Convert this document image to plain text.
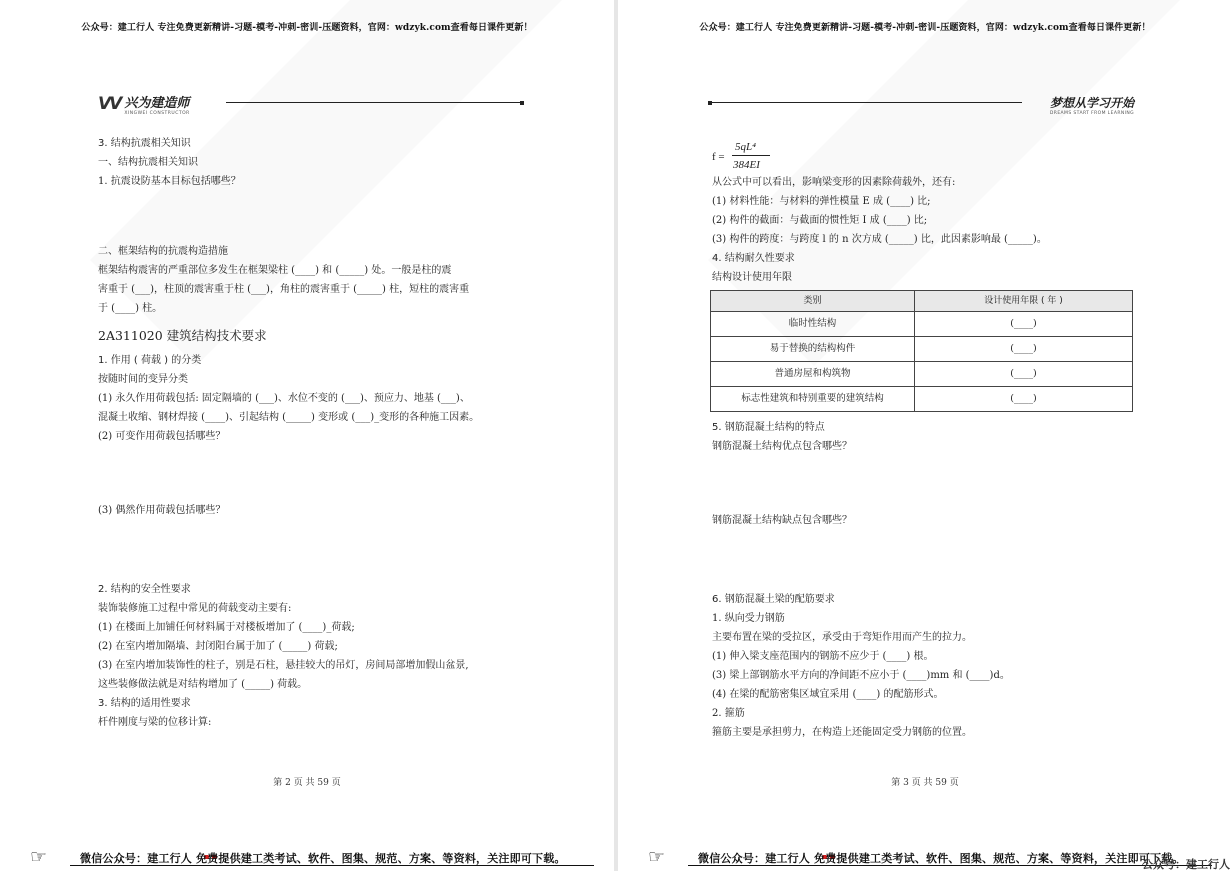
公众号：建工行人 专注免费更新精讲-习题-模考-冲刺-密训-压题资料，官网：wdzyk.com查看每日课件更新！
VV 兴为建造师
XINGWEI CONSTRUCTOR
3. 结构抗震相关知识
一、结构抗震相关知识
1. 抗震设防基本目标包括哪些？
二、框架结构的抗震构造措施
框架结构震害的严重部位多发生在框架梁柱 (____) 和 (_____) 处。一般是柱的震
害重于 (___)，柱顶的震害重于柱 (___)，角柱的震害重于 (_____) 柱，短柱的震害重
于 (____) 柱。
2A311020 建筑结构技术要求
1. 作用 ( 荷载 ) 的分类
按随时间的变异分类
(1) 永久作用荷载包括: 固定隔墙的 (___)、水位不变的 (___)、预应力、地基 (___)、
混凝土收缩、钢材焊接 (____)、引起结构 (_____) 变形或 (___)_变形的各种施工因素。
(2) 可变作用荷载包括哪些？
(3) 偶然作用荷载包括哪些？
2. 结构的安全性要求
装饰装修施工过程中常见的荷载变动主要有:
(1) 在楼面上加铺任何材料属于对楼板增加了 (____)_荷载;
(2) 在室内增加隔墙、封闭阳台属于加了 (_____) 荷载;
(3) 在室内增加装饰性的柱子，别是石柱，悬挂较大的吊灯，房间局部增加假山盆景,
这些装修做法就是对结构增加了 (_____) 荷载。
3. 结构的适用性要求
杆件刚度与梁的位移计算:
第 2 页 共 59 页
☞	微信公众号：建工行人 免费提供建工类考试、软件、图集、规范、方案、等资料，关注即可下载。
公众号：建工行人 专注免费更新精讲-习题-模考-冲刺-密训-压题资料，官网：wdzyk.com查看每日课件更新！
梦想从学习开始
DREAMS START FROM LEARNING
f =
5qL⁴
384EI
从公式中可以看出，影响梁变形的因素除荷载外，还有:
(1) 材料性能：与材料的弹性模量 E 成 (____) 比;
(2) 构件的截面：与截面的惯性矩 I 成 (____) 比;
(3) 构件的跨度：与跨度 l 的 n 次方成 (_____) 比，此因素影响最 (_____)。
4. 结构耐久性要求
结构设计使用年限
类别	设计使用年限 ( 年 )
临时性结构	(____)
易于替换的结构构件	(____)
普通房屋和构筑物	(____)
标志性建筑和特别重要的建筑结构	(____)
5. 钢筋混凝土结构的特点
钢筋混凝土结构优点包含哪些？
钢筋混凝土结构缺点包含哪些？
6. 钢筋混凝土梁的配筋要求
1. 纵向受力钢筋
主要布置在梁的受拉区，承受由于弯矩作用而产生的拉力。
(1) 伸入梁支座范围内的钢筋不应少于 (____) 根。
(3) 梁上部钢筋水平方向的净间距不应小于 (____)mm 和 (____)d。
(4) 在梁的配筋密集区域宜采用 (____) 的配筋形式。
2. 箍筋
箍筋主要是承担剪力，在构造上还能固定受力钢筋的位置。
第 3 页 共 59 页
☞	微信公众号：建工行人 免费提供建工类考试、软件、图集、规范、方案、等资料，关注即可下载。
公众号：建工行人
